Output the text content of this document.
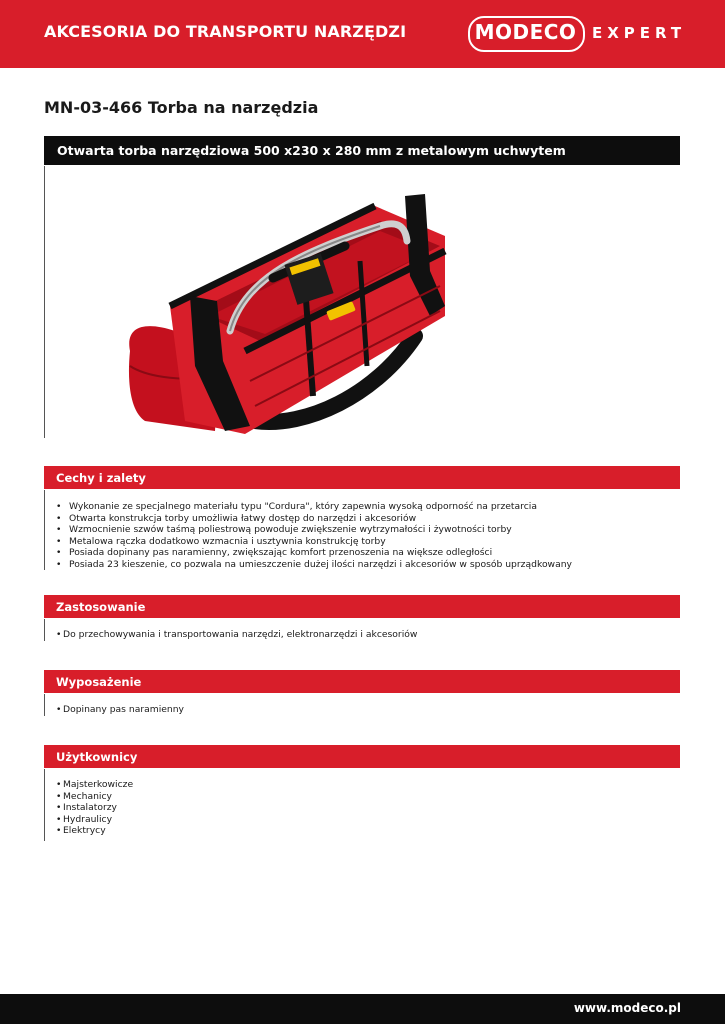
AKCESORIA DO TRANSPORTU NARZĘDZI	MODECO EXPERT
MN-03-466 Torba na narzędzia
Otwarta torba narzędziowa 500 x230 x 280 mm z metalowym uchwytem
Cechy i zalety
• Wykonanie ze specjalnego materiału typu "Cordura", który zapewnia wysoką odporność na przetarcia
• Otwarta konstrukcja torby umożliwia łatwy dostęp do narzędzi i akcesoriów
• Wzmocnienie szwów taśmą poliestrową powoduje zwiększenie wytrzymałości i żywotności torby
• Metalowa rączka dodatkowo wzmacnia i usztywnia konstrukcję torby
• Posiada dopinany pas naramienny, zwiększając komfort przenoszenia na większe odległości
• Posiada 23 kieszenie, co pozwala na umieszczenie dużej ilości narzędzi i akcesoriów w sposób uprządkowany
Zastosowanie
• Do przechowywania i transportowania narzędzi, elektronarzędzi i akcesoriów
Wyposażenie
• Dopinany pas naramienny
Użytkownicy
• Majsterkowicze
• Mechanicy
• Instalatorzy
• Hydraulicy
• Elektrycy
www.modeco.pl
